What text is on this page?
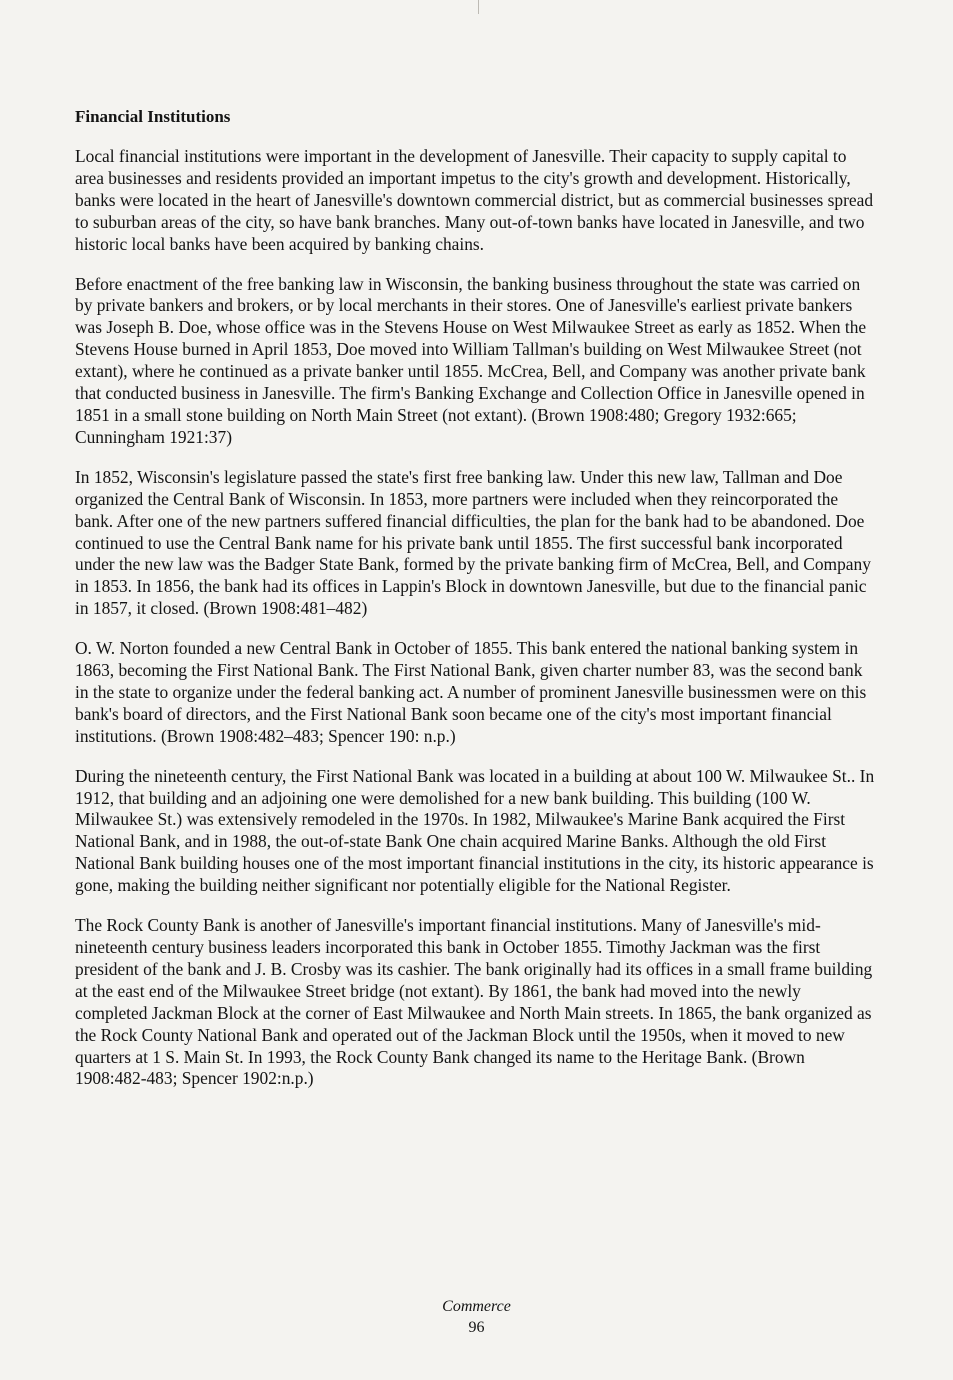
Financial Institutions

Local financial institutions were important in the development of Janesville. Their capacity to supply capital to area businesses and residents provided an important impetus to the city's growth and development. Historically, banks were located in the heart of Janesville's downtown commercial district, but as commercial businesses spread to suburban areas of the city, so have bank branches. Many out-of-town banks have located in Janesville, and two historic local banks have been acquired by banking chains.

Before enactment of the free banking law in Wisconsin, the banking business throughout the state was carried on by private bankers and brokers, or by local merchants in their stores. One of Janesville's earliest private bankers was Joseph B. Doe, whose office was in the Stevens House on West Milwaukee Street as early as 1852. When the Stevens House burned in April 1853, Doe moved into William Tallman's building on West Milwaukee Street (not extant), where he continued as a private banker until 1855. McCrea, Bell, and Company was another private bank that conducted business in Janesville. The firm's Banking Exchange and Collection Office in Janesville opened in 1851 in a small stone building on North Main Street (not extant). (Brown 1908:480; Gregory 1932:665; Cunningham 1921:37)

In 1852, Wisconsin's legislature passed the state's first free banking law. Under this new law, Tallman and Doe organized the Central Bank of Wisconsin. In 1853, more partners were included when they reincorporated the bank. After one of the new partners suffered financial difficulties, the plan for the bank had to be abandoned. Doe continued to use the Central Bank name for his private bank until 1855. The first successful bank incorporated under the new law was the Badger State Bank, formed by the private banking firm of McCrea, Bell, and Company in 1853. In 1856, the bank had its offices in Lappin's Block in downtown Janesville, but due to the financial panic in 1857, it closed. (Brown 1908:481–482)

O. W. Norton founded a new Central Bank in October of 1855. This bank entered the national banking system in 1863, becoming the First National Bank. The First National Bank, given charter number 83, was the second bank in the state to organize under the federal banking act. A number of prominent Janesville businessmen were on this bank's board of directors, and the First National Bank soon became one of the city's most important financial institutions. (Brown 1908:482–483; Spencer 190: n.p.)

During the nineteenth century, the First National Bank was located in a building at about 100 W. Milwaukee St.. In 1912, that building and an adjoining one were demolished for a new bank building. This building (100 W. Milwaukee St.) was extensively remodeled in the 1970s. In 1982, Milwaukee's Marine Bank acquired the First National Bank, and in 1988, the out-of-state Bank One chain acquired Marine Banks. Although the old First National Bank building houses one of the most important financial institutions in the city, its historic appearance is gone, making the building neither significant nor potentially eligible for the National Register.

The Rock County Bank is another of Janesville's important financial institutions. Many of Janesville's mid-nineteenth century business leaders incorporated this bank in October 1855. Timothy Jackman was the first president of the bank and J. B. Crosby was its cashier. The bank originally had its offices in a small frame building at the east end of the Milwaukee Street bridge (not extant). By 1861, the bank had moved into the newly completed Jackman Block at the corner of East Milwaukee and North Main streets. In 1865, the bank organized as the Rock County National Bank and operated out of the Jackman Block until the 1950s, when it moved to new quarters at 1 S. Main St. In 1993, the Rock County Bank changed its name to the Heritage Bank. (Brown 1908:482-483; Spencer 1902:n.p.)

Commerce
96
